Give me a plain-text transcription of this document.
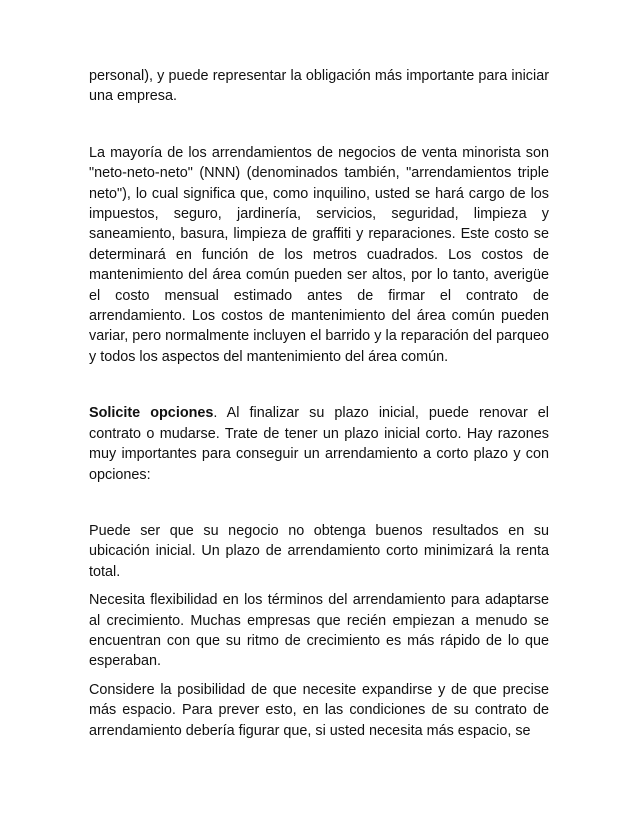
personal), y puede representar la obligación más importante para iniciar una empresa.

La mayoría de los arrendamientos de negocios de venta minorista son "neto-neto-neto" (NNN) (denominados también, "arrendamientos triple neto"), lo cual significa que, como inquilino, usted se hará cargo de los impuestos, seguro, jardinería, servicios, seguridad, limpieza y saneamiento, basura, limpieza de graffiti y reparaciones. Este costo se determinará en función de los metros cuadrados. Los costos de mantenimiento del área común pueden ser altos, por lo tanto, averigüe el costo mensual estimado antes de firmar el contrato de arrendamiento. Los costos de mantenimiento del área común pueden variar, pero normalmente incluyen el barrido y la reparación del parqueo y todos los aspectos del mantenimiento del área común.

Solicite opciones. Al finalizar su plazo inicial, puede renovar el contrato o mudarse. Trate de tener un plazo inicial corto. Hay razones muy importantes para conseguir un arrendamiento a corto plazo y con opciones:

Puede ser que su negocio no obtenga buenos resultados en su ubicación inicial. Un plazo de arrendamiento corto minimizará la renta total.

Necesita flexibilidad en los términos del arrendamiento para adaptarse al crecimiento. Muchas empresas que recién empiezan a menudo se encuentran con que su ritmo de crecimiento es más rápido de lo que esperaban.

Considere la posibilidad de que necesite expandirse y de que precise más espacio. Para prever esto, en las condiciones de su contrato de arrendamiento debería figurar que, si usted necesita más espacio, se
